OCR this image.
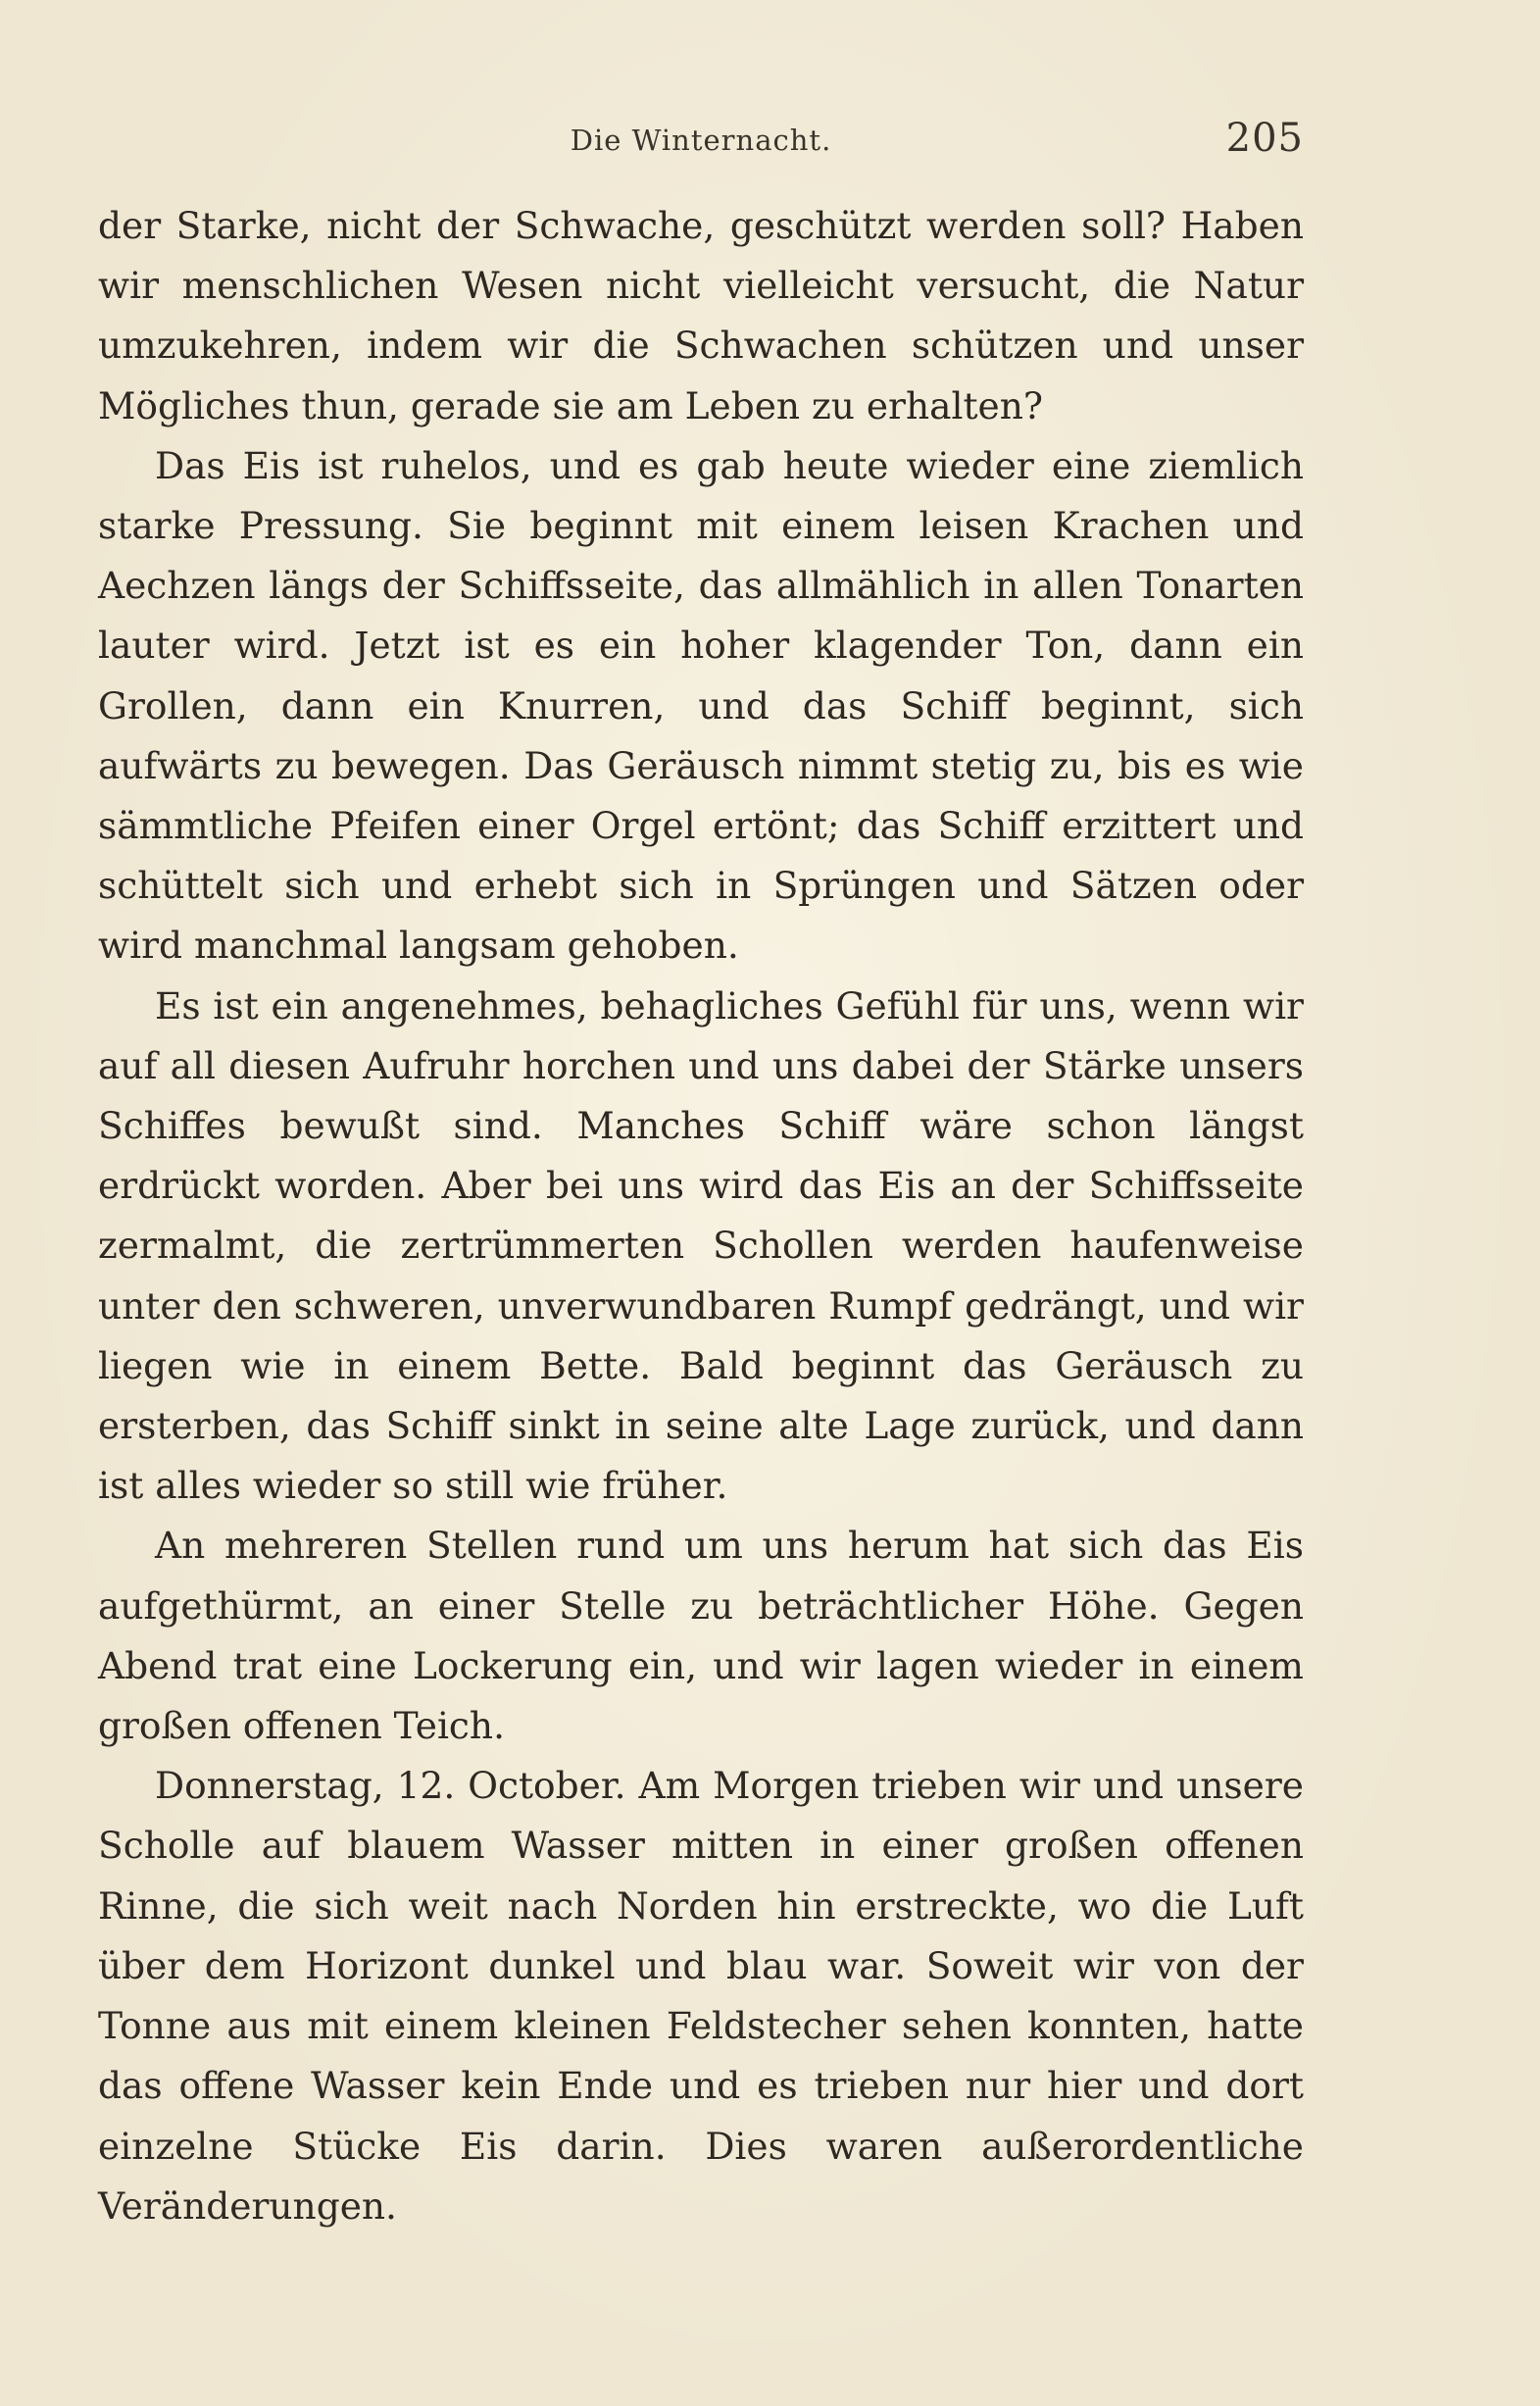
Die Winternacht.	205

der Starke, nicht der Schwache, geschützt werden soll? Haben wir menschlichen Wesen nicht vielleicht versucht, die Natur umzukehren, indem wir die Schwachen schützen und unser Mögliches thun, gerade sie am Leben zu erhalten?

Das Eis ist ruhelos, und es gab heute wieder eine ziemlich starke Pressung. Sie beginnt mit einem leisen Krachen und Aechzen längs der Schiffsseite, das allmählich in allen Tonarten lauter wird. Jetzt ist es ein hoher klagender Ton, dann ein Grollen, dann ein Knurren, und das Schiff beginnt, sich aufwärts zu bewegen. Das Geräusch nimmt stetig zu, bis es wie sämmtliche Pfeifen einer Orgel ertönt; das Schiff erzittert und schüttelt sich und erhebt sich in Sprüngen und Sätzen oder wird manchmal langsam gehoben.

Es ist ein angenehmes, behagliches Gefühl für uns, wenn wir auf all diesen Aufruhr horchen und uns dabei der Stärke unsers Schiffes bewußt sind. Manches Schiff wäre schon längst erdrückt worden. Aber bei uns wird das Eis an der Schiffsseite zermalmt, die zertrümmerten Schollen werden haufenweise unter den schweren, unverwundbaren Rumpf gedrängt, und wir liegen wie in einem Bette. Bald beginnt das Geräusch zu ersterben, das Schiff sinkt in seine alte Lage zurück, und dann ist alles wieder so still wie früher.

An mehreren Stellen rund um uns herum hat sich das Eis aufgethürmt, an einer Stelle zu beträchtlicher Höhe. Gegen Abend trat eine Lockerung ein, und wir lagen wieder in einem großen offenen Teich.

Donnerstag, 12. October. Am Morgen trieben wir und unsere Scholle auf blauem Wasser mitten in einer großen offenen Rinne, die sich weit nach Norden hin erstreckte, wo die Luft über dem Horizont dunkel und blau war. Soweit wir von der Tonne aus mit einem kleinen Feldstecher sehen konnten, hatte das offene Wasser kein Ende und es trieben nur hier und dort einzelne Stücke Eis darin. Dies waren außerordentliche Veränderungen.
